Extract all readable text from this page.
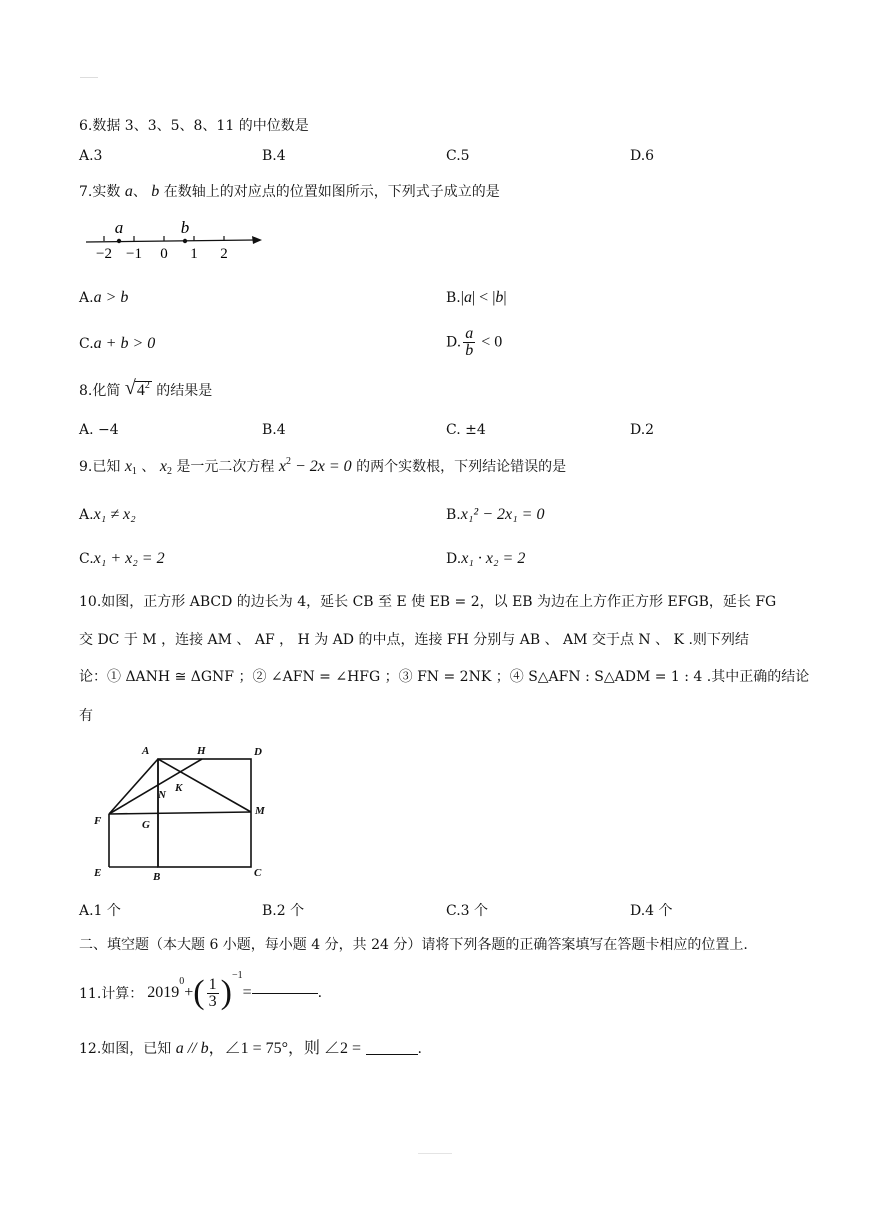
6.数据 3、3、5、8、11 的中位数是
A.3	B.4	C.5	D.6
7.实数 a、 b 在数轴上的对应点的位置如图所示，下列式子成立的是
−2 −1 0 1 2
a	b
A.a > b	B.|a| < |b|
C.a + b > 0	D. $\frac{a}{b} < 0$
8.化简 √ $4^2$ 的结果是
A. −4	B.4	C. ±4	D.2
9.已知 $x_1$ 、 $x_2$ 是一元二次方程 $x^2 - 2x = 0$ 的两个实数根，下列结论错误的是
A.x₁ ≠ x₂	B.x₁² − 2x₁ = 0
C.x₁ + x₂ = 2	D.x₁ · x₂ = 2
10.如图，正方形 ABCD 的边长为 4，延长 CB 至 E 使 EB = 2，以 EB 为边在上方作正方形 EFGB，延长 FG
交 DC 于 M ，连接 AM 、 AF ， H 为 AD 的中点，连接 FH 分别与 AB 、 AM 交于点 N 、 K .则下列结
论：① ΔANH ≅ ΔGNF ；② ∠AFN = ∠HFG ；③ FN = 2NK ；④ S△AFN : S△ADM = 1 : 4 .其中正确的结论
有
A	H	D
N
K
F	G
M
E	B	C
A.1 个	B.2 个	C.3 个	D.4 个
二、填空题（本大题 6 小题，每小题 4 分，共 24 分）请将下列各题的正确答案填写在答题卡相应的位置上.
11.计算： 2019
0
+ ( $\frac{1}{3}$ ) −1
=	.
12.如图，已知 a // b，∠1 = 75°，则 ∠2 =	.
